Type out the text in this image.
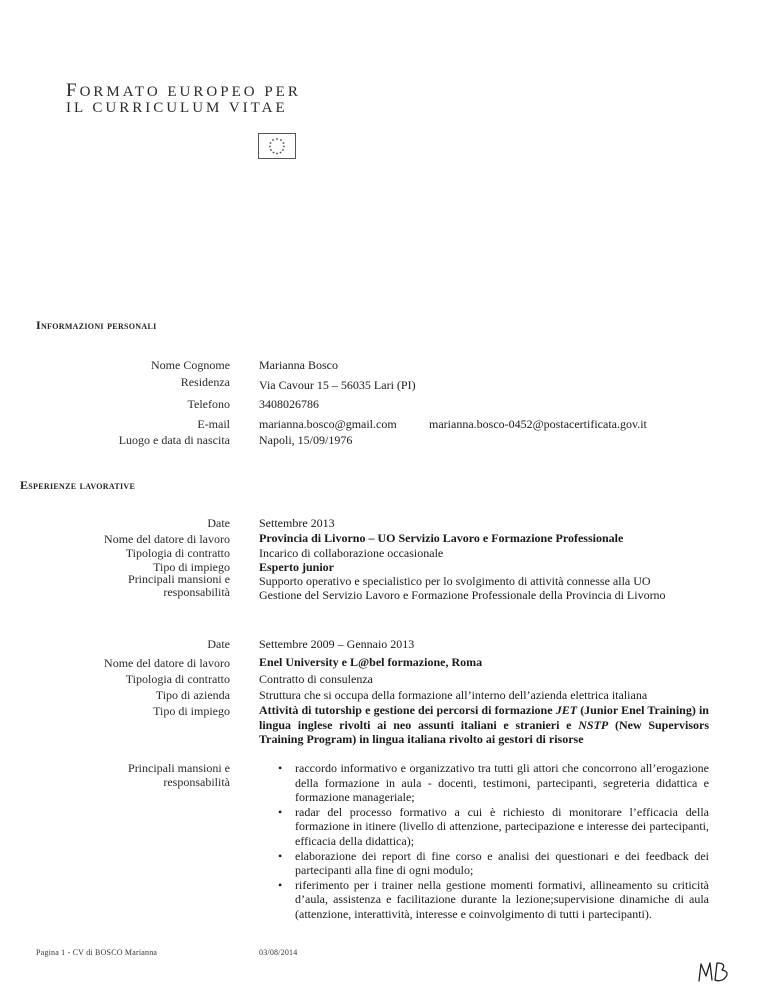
FORMATO EUROPEO PER
IL CURRICULUM VITAE
Informazioni personali
Nome Cognome Marianna Bosco
Residenza Via Cavour 15 – 56035 Lari (PI)
Telefono 3408026786
E-mail marianna.bosco@gmail.com	marianna.bosco-0452@postacertificata.gov.it
Luogo e data di nascita Napoli, 15/09/1976
Esperienze lavorative
Date
Nome del datore di lavoro
Tipologia di contratto
Tipo di impiego
Principali mansioni e
responsabilità
Settembre 2013
Provincia di Livorno – UO Servizio Lavoro e Formazione Professionale
Incarico di collaborazione occasionale
Esperto junior
Supporto operativo e specialistico per lo svolgimento di attività connesse alla UO
Gestione del Servizio Lavoro e Formazione Professionale della Provincia di Livorno
Date
Nome del datore di lavoro
Tipologia di contratto
Tipo di azienda
Tipo di impiego
Principali mansioni e
responsabilità
Settembre 2009 – Gennaio 2013
Enel University e L@bel formazione, Roma
Contratto di consulenza
Struttura che si occupa della formazione all’interno dell’azienda elettrica italiana
Attività di tutorship e gestione dei percorsi di formazione JET (Junior Enel Training) in lingua inglese rivolti ai neo assunti italiani e stranieri e NSTP (New Supervisors Training Program) in lingua italiana rivolto ai gestori di risorse
• raccordo informativo e organizzativo tra tutti gli attori che concorrono all’erogazione della formazione in aula - docenti, testimoni, partecipanti, segreteria didattica e formazione manageriale;
• radar del processo formativo a cui è richiesto di monitorare l’efficacia della formazione in itinere (livello di attenzione, partecipazione e interesse dei partecipanti, efficacia della didattica);
• elaborazione dei report di fine corso e analisi dei questionari e dei feedback dei partecipanti alla fine di ogni modulo;
• riferimento per i trainer nella gestione momenti formativi, allineamento su criticità d’aula, assistenza e facilitazione durante la lezione;supervisione dinamiche di aula (attenzione, interattività, interesse e coinvolgimento di tutti i partecipanti).
Pagina 1 - CV di BOSCO Marianna	03/08/2014
